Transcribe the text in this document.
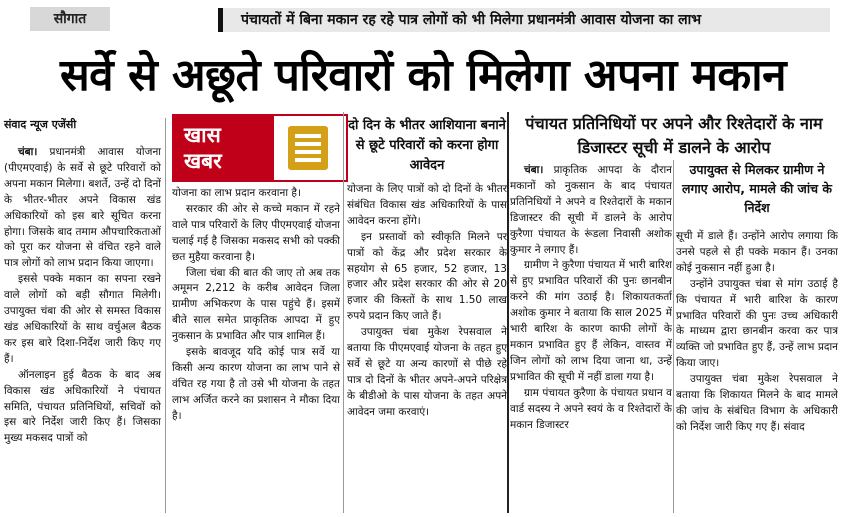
सौगात	पंचायतों में बिना मकान रह रहे पात्र लोगों को भी मिलेगा प्रधानमंत्री आवास योजना का लाभ
सर्वे से अछूते परिवारों को मिलेगा अपना मकान
संवाद न्यूज एजेंसी

चंबा। प्रधानमंत्री आवास योजना (पीएमएवाई) के सर्वे से छूटे परिवारों को अपना मकान मिलेगा। बशर्ते, उन्हें दो दिनों के भीतर-भीतर अपने विकास खंड अधिकारियों को इस बारे सूचित करना होगा। जिसके बाद तमाम औपचारिकताओं को पूरा कर योजना से वंचित रहने वाले पात्र लोगों को लाभ प्रदान किया जाएगा।

इससे पक्के मकान का सपना रखने वाले लोगों को बड़ी सौगात मिलेगी। उपायुक्त चंबा की ओर से समस्त विकास खंड अधिकारियों के साथ वर्चुअल बैठक कर इस बारे दिशा-निर्देश जारी किए गए हैं।

ऑनलाइन हुई बैठक के बाद अब विकास खंड अधिकारियों ने पंचायत समिति, पंचायत प्रतिनिधियों, सचिवों को इस बारे निर्देश जारी किए हैं। जिसका मुख्य मकसद पात्रों को

खास
खबर

योजना का लाभ प्रदान करवाना है।

सरकार की ओर से कच्चे मकान में रहने वाले पात्र परिवारों के लिए पीएमएवाई योजना चलाई गई है जिसका मकसद सभी को पक्की छत मुहैया करवाना है।

जिला चंबा की बात की जाए तो अब तक अमूमन 2,212 के करीब आवेदन जिला ग्रामीण अभिकरण के पास पहुंचे हैं। इसमें बीते साल समेत प्राकृतिक आपदा में हुए नुकसान के प्रभावित और पात्र शामिल हैं।

इसके बावजूद यदि कोई पात्र सर्वे या किसी अन्य कारण योजना का लाभ पाने से वंचित रह गया है तो उसे भी योजना के तहत लाभ अर्जित करने का प्रशासन ने मौका दिया है।

दो दिन के भीतर आशियाना बनाने से छूटे परिवारों को करना होगा आवेदन

योजना के लिए पात्रों को दो दिनों के भीतर संबंधित विकास खंड अधिकारियों के पास आवेदन करना होंगे।

इन प्रस्तावों को स्वीकृति मिलने पर पात्रों को केंद्र और प्रदेश सरकार के सहयोग से 65 हजार, 52 हजार, 13 हजार और प्रदेश सरकार की ओर से 20 हजार की किस्तों के साथ 1.50 लाख रुपये प्रदान किए जाते हैं।

उपायुक्त चंबा मुकेश रेपसवाल ने बताया कि पीएमएवाई योजना के तहत हुए सर्वे से छूटे या अन्य कारणों से पीछे रहे पात्र दो दिनों के भीतर अपने-अपने परिक्षेत्र के बीडीओ के पास योजना के तहत अपने आवेदन जमा करवाएं।

पंचायत प्रतिनिधियों पर अपने और रिश्तेदारों के नाम डिजास्टर सूची में डालने के आरोप

चंबा। प्राकृतिक आपदा के दौरान मकानों को नुकसान के बाद पंचायत प्रतिनिधियों ने अपने व रिश्तेदारों के मकान डिजास्टर की सूची में डालने के आरोप कुरैणा पंचायत के रूंडला निवासी अशोक कुमार ने लगाए हैं।

ग्रामीण ने कुरैणा पंचायत में भारी बारिश से हुए प्रभावित परिवारों की पुनः छानबीन करने की मांग उठाई है। शिकायतकर्ता अशोक कुमार ने बताया कि साल 2025 में भारी बारिश के कारण काफी लोगों के मकान प्रभावित हुए हैं लेकिन, वास्तव में जिन लोगों को लाभ दिया जाना था, उन्हें प्रभावित की सूची में नहीं डाला गया है।

ग्राम पंचायत कुरैणा के पंचायत प्रधान व वार्ड सदस्य ने अपने स्वयं के व रिश्तेदारों के मकान डिजास्टर

उपायुक्त से मिलकर ग्रामीण ने लगाए आरोप, मामले की जांच के निर्देश

सूची में डाले हैं। उन्होंने आरोप लगाया कि उनसे पहले से ही पक्के मकान हैं। उनका कोई नुकसान नहीं हुआ है।

उन्होंने उपायुक्त चंबा से मांग उठाई है कि पंचायत में भारी बारिश के कारण प्रभावित परिवारों की पुनः उच्च अधिकारी के माध्यम द्वारा छानबीन करवा कर पात्र व्यक्ति जो प्रभावित हुए हैं, उन्हें लाभ प्रदान किया जाए।

उपायुक्त चंबा मुकेश रेपसवाल ने बताया कि शिकायत मिलने के बाद मामले की जांच के संबंधित विभाग के अधिकारी को निर्देश जारी किए गए हैं। संवाद
